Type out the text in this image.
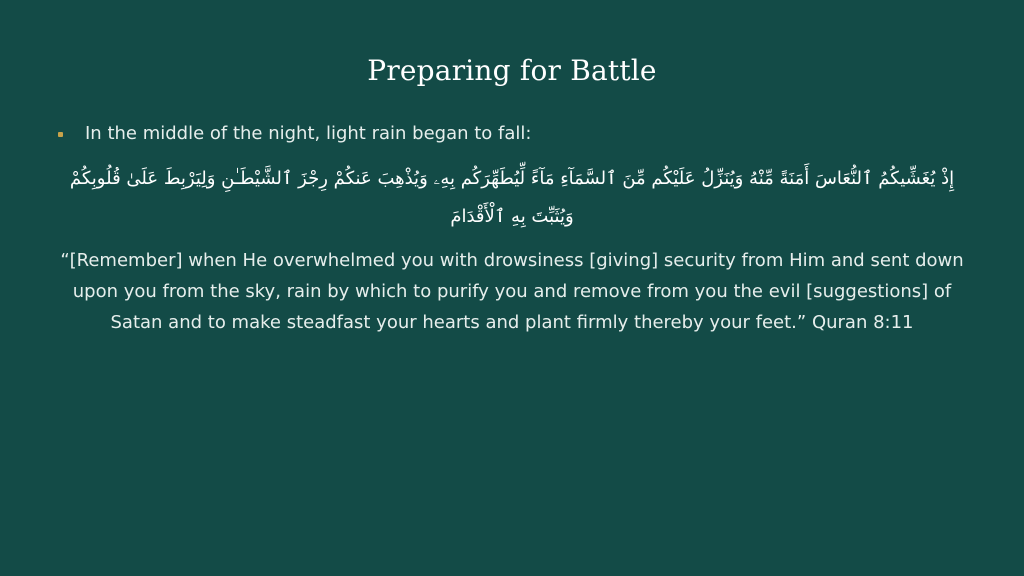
Preparing for Battle
In the middle of the night, light rain began to fall:
إِذْ يُغَشِّيكُمُ ٱلنُّعَاسَ أَمَنَةً مِّنْهُ وَيُنَزِّلُ عَلَيْكُم مِّنَ ٱلسَّمَآءِ مَآءً لِّيُطَهِّرَكُم بِهِۦ وَيُذْهِبَ عَنكُمْ رِجْزَ ٱلشَّيْطَـٰنِ وَلِيَرْبِطَ عَلَىٰ قُلُوبِكُمْ وَيُثَبِّتَ بِهِ ٱلْأَقْدَامَ
“[Remember] when He overwhelmed you with drowsiness [giving] security from Him and sent down upon you from the sky, rain by which to purify you and remove from you the evil [suggestions] of Satan and to make steadfast your hearts and plant firmly thereby your feet.” Quran 8:11
